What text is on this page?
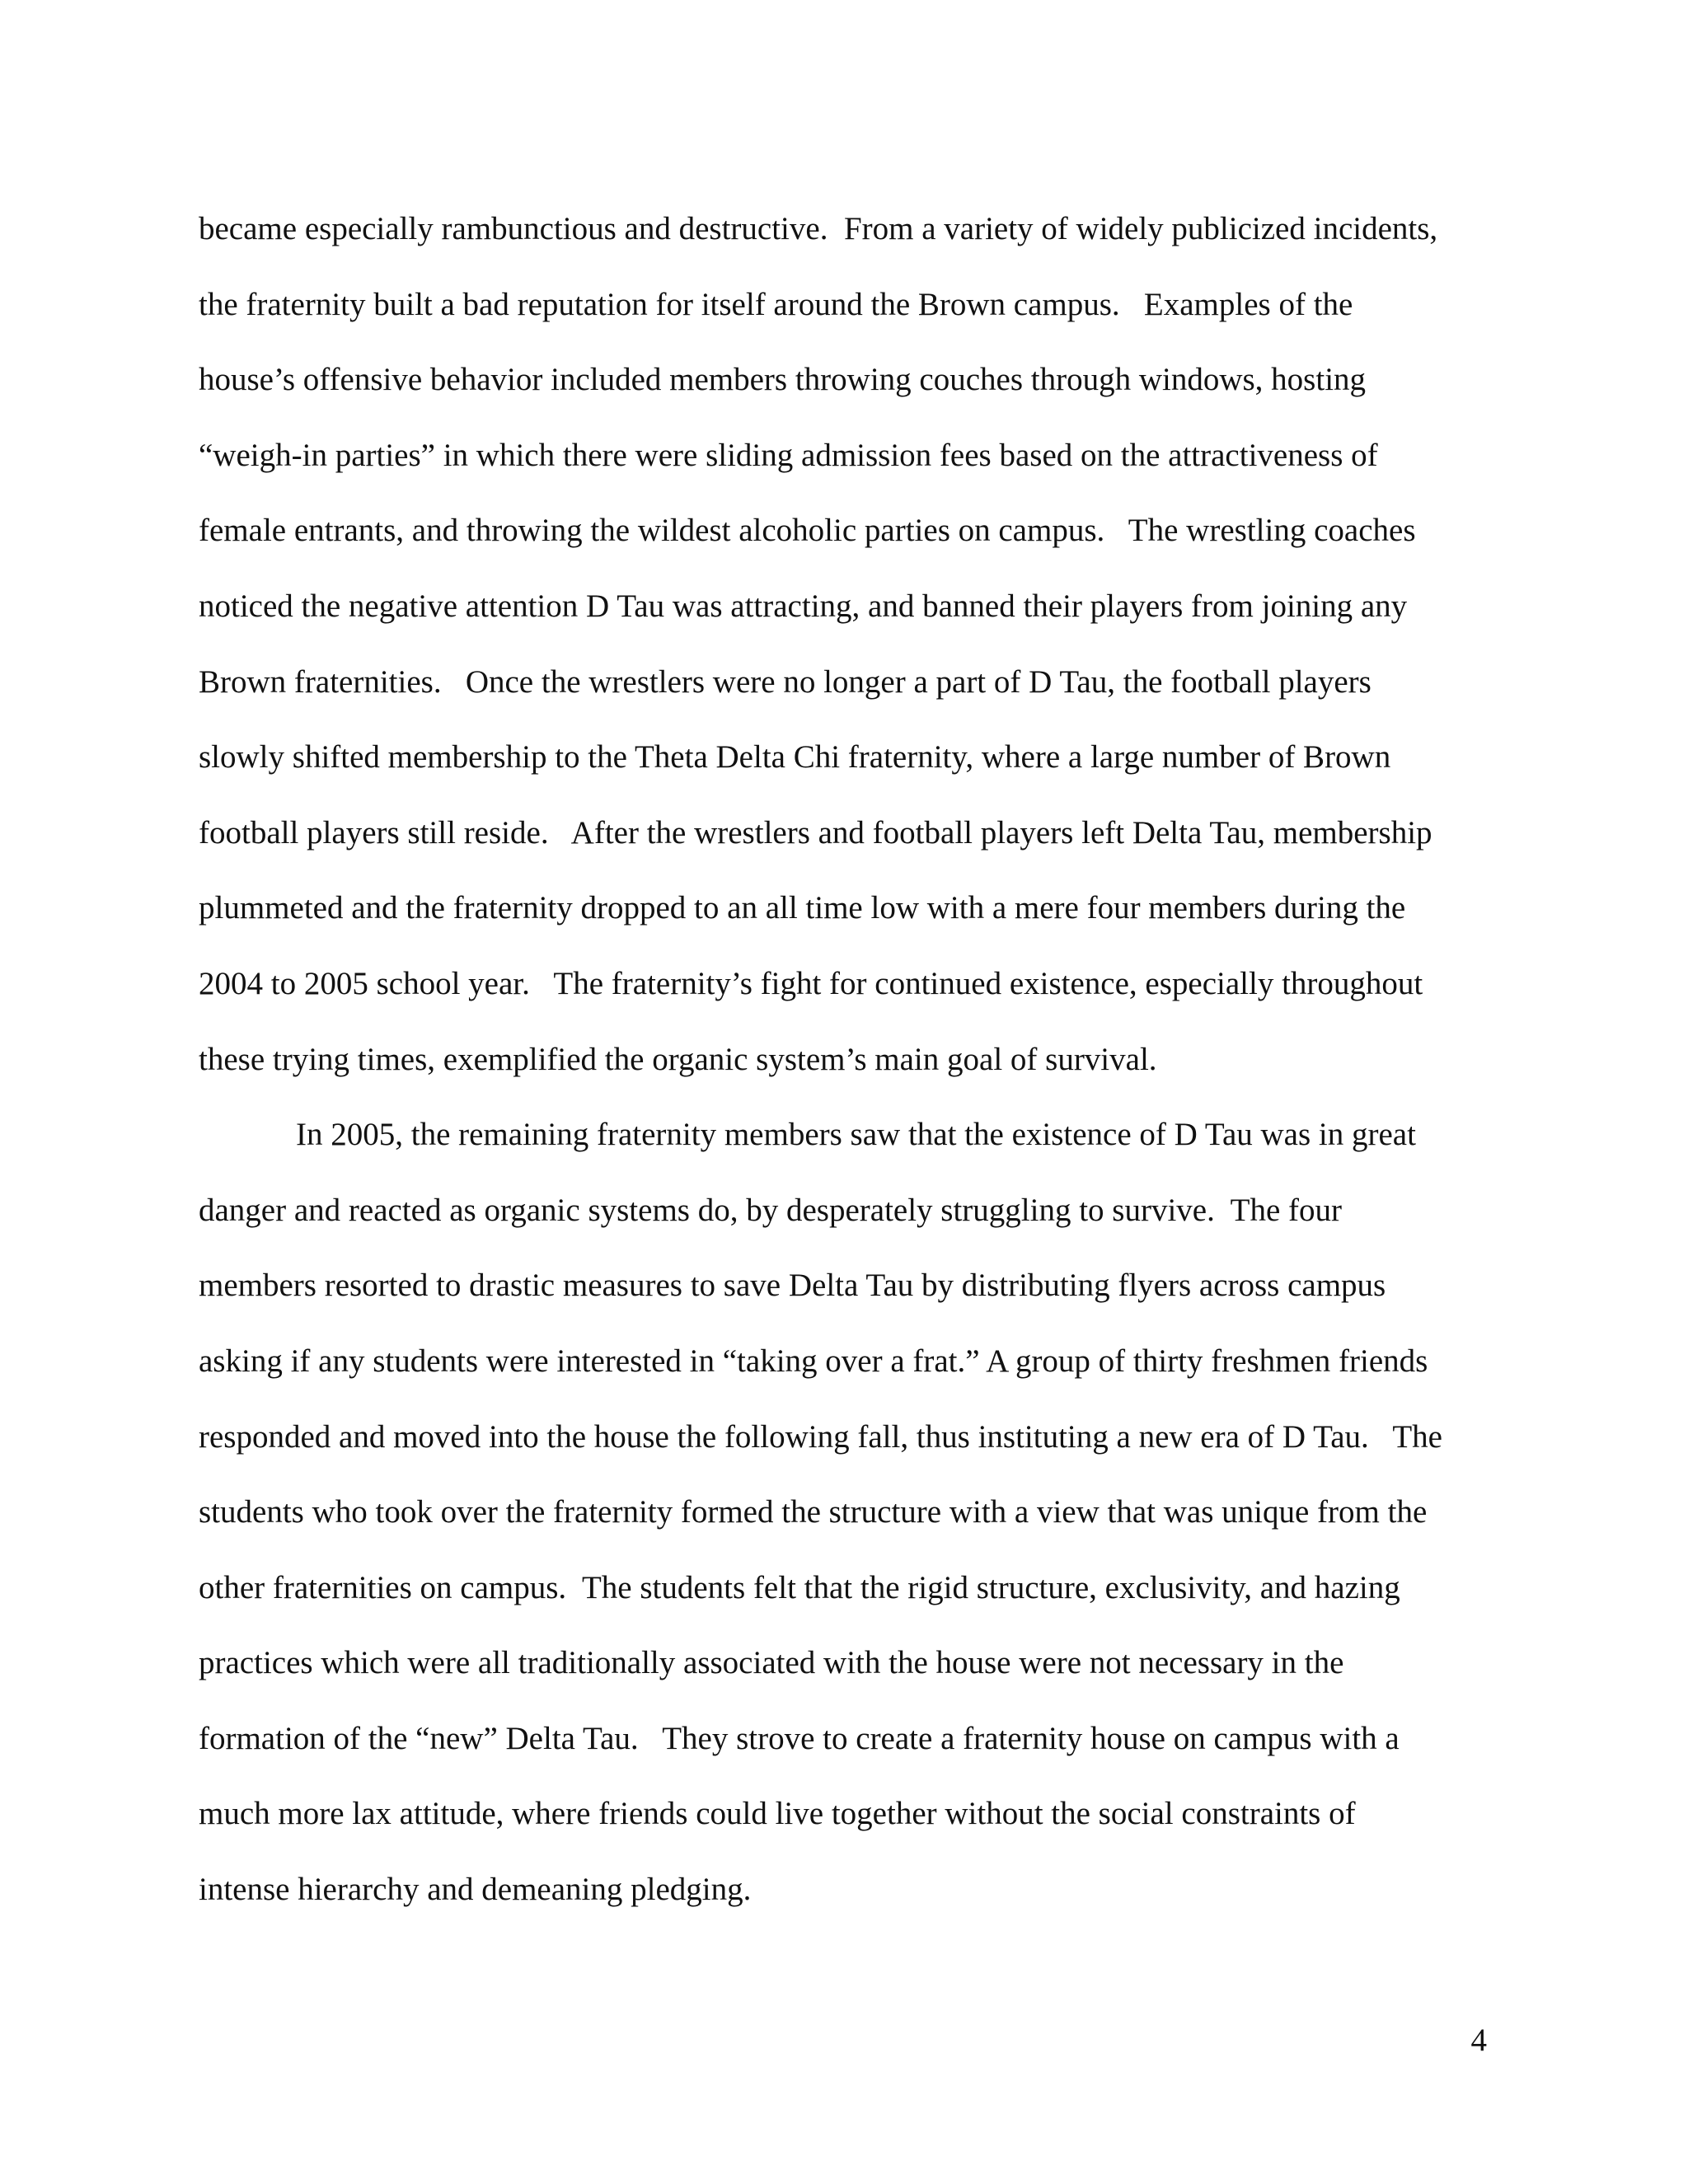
became especially rambunctious and destructive.  From a variety of widely publicized incidents,
the fraternity built a bad reputation for itself around the Brown campus.   Examples of the
house’s offensive behavior included members throwing couches through windows, hosting
“weigh-in parties” in which there were sliding admission fees based on the attractiveness of
female entrants, and throwing the wildest alcoholic parties on campus.   The wrestling coaches
noticed the negative attention D Tau was attracting, and banned their players from joining any
Brown fraternities.   Once the wrestlers were no longer a part of D Tau, the football players
slowly shifted membership to the Theta Delta Chi fraternity, where a large number of Brown
football players still reside.   After the wrestlers and football players left Delta Tau, membership
plummeted and the fraternity dropped to an all time low with a mere four members during the
2004 to 2005 school year.   The fraternity’s fight for continued existence, especially throughout
these trying times, exemplified the organic system’s main goal of survival.
In 2005, the remaining fraternity members saw that the existence of D Tau was in great
danger and reacted as organic systems do, by desperately struggling to survive.  The four
members resorted to drastic measures to save Delta Tau by distributing flyers across campus
asking if any students were interested in “taking over a frat.” A group of thirty freshmen friends
responded and moved into the house the following fall, thus instituting a new era of D Tau.   The
students who took over the fraternity formed the structure with a view that was unique from the
other fraternities on campus.  The students felt that the rigid structure, exclusivity, and hazing
practices which were all traditionally associated with the house were not necessary in the
formation of the “new” Delta Tau.   They strove to create a fraternity house on campus with a
much more lax attitude, where friends could live together without the social constraints of
intense hierarchy and demeaning pledging.
4
